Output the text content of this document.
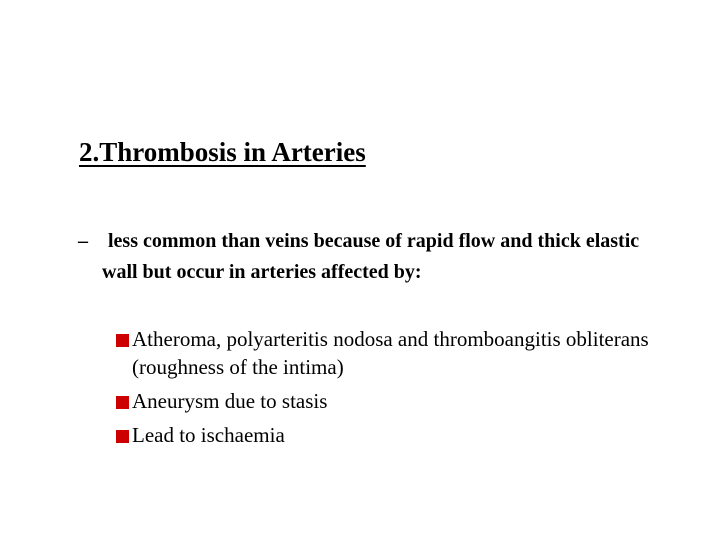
2.Thrombosis in Arteries
–	less common than veins because of rapid flow and thick elastic wall but occur in arteries affected by:
Atheroma, polyarteritis nodosa and thromboangitis obliterans (roughness of the intima)
Aneurysm due to stasis
Lead to ischaemia
